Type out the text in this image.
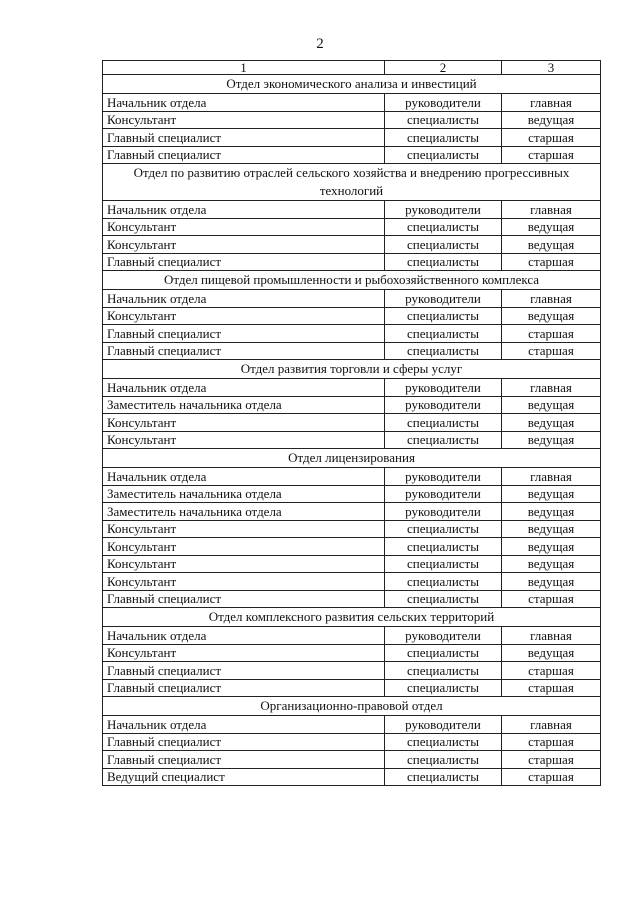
2
1	2	3
Отдел экономического анализа и инвестиций		
Начальник отдела	руководители	главная
Консультант	специалисты	ведущая
Главный специалист	специалисты	старшая
Главный специалист	специалисты	старшая
Отдел по развитию отраслей сельского хозяйства и внедрению прогрессивных технологий		
Начальник отдела	руководители	главная
Консультант	специалисты	ведущая
Консультант	специалисты	ведущая
Главный специалист	специалисты	старшая
Отдел пищевой промышленности и рыбохозяйственного комплекса		
Начальник отдела	руководители	главная
Консультант	специалисты	ведущая
Главный специалист	специалисты	старшая
Главный специалист	специалисты	старшая
Отдел развития торговли и сферы услуг		
Начальник отдела	руководители	главная
Заместитель начальника отдела	руководители	ведущая
Консультант	специалисты	ведущая
Консультант	специалисты	ведущая
Отдел лицензирования		
Начальник отдела	руководители	главная
Заместитель начальника отдела	руководители	ведущая
Заместитель начальника отдела	руководители	ведущая
Консультант	специалисты	ведущая
Консультант	специалисты	ведущая
Консультант	специалисты	ведущая
Консультант	специалисты	ведущая
Главный специалист	специалисты	старшая
Отдел комплексного развития сельских территорий		
Начальник отдела	руководители	главная
Консультант	специалисты	ведущая
Главный специалист	специалисты	старшая
Главный специалист	специалисты	старшая
Организационно-правовой отдел		
Начальник отдела	руководители	главная
Главный специалист	специалисты	старшая
Главный специалист	специалисты	старшая
Ведущий специалист	специалисты	старшая
